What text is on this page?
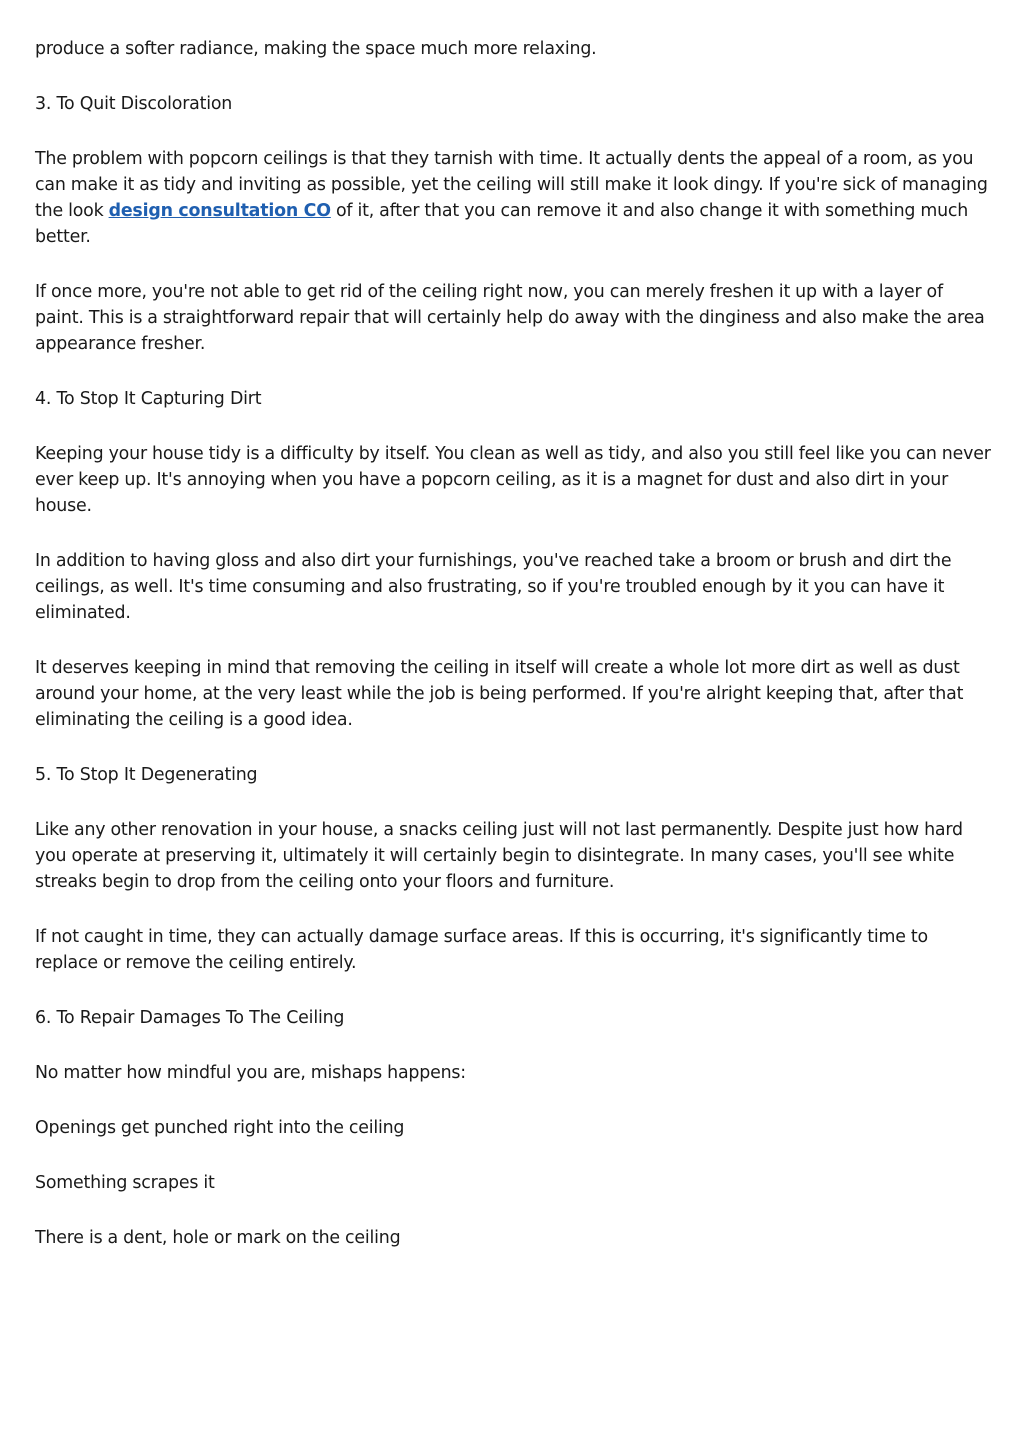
produce a softer radiance, making the space much more relaxing.

3. To Quit Discoloration

The problem with popcorn ceilings is that they tarnish with time. It actually dents the appeal of a room, as you can make it as tidy and inviting as possible, yet the ceiling will still make it look dingy. If you're sick of managing the look design consultation CO of it, after that you can remove it and also change it with something much better.

If once more, you're not able to get rid of the ceiling right now, you can merely freshen it up with a layer of paint. This is a straightforward repair that will certainly help do away with the dinginess and also make the area appearance fresher.

4. To Stop It Capturing Dirt

Keeping your house tidy is a difficulty by itself. You clean as well as tidy, and also you still feel like you can never ever keep up. It's annoying when you have a popcorn ceiling, as it is a magnet for dust and also dirt in your house.

In addition to having gloss and also dirt your furnishings, you've reached take a broom or brush and dirt the ceilings, as well. It's time consuming and also frustrating, so if you're troubled enough by it you can have it eliminated.

It deserves keeping in mind that removing the ceiling in itself will create a whole lot more dirt as well as dust around your home, at the very least while the job is being performed. If you're alright keeping that, after that eliminating the ceiling is a good idea.

5. To Stop It Degenerating

Like any other renovation in your house, a snacks ceiling just will not last permanently. Despite just how hard you operate at preserving it, ultimately it will certainly begin to disintegrate. In many cases, you'll see white streaks begin to drop from the ceiling onto your floors and furniture.

If not caught in time, they can actually damage surface areas. If this is occurring, it's significantly time to replace or remove the ceiling entirely.

6. To Repair Damages To The Ceiling

No matter how mindful you are, mishaps happens:

Openings get punched right into the ceiling

Something scrapes it

There is a dent, hole or mark on the ceiling
